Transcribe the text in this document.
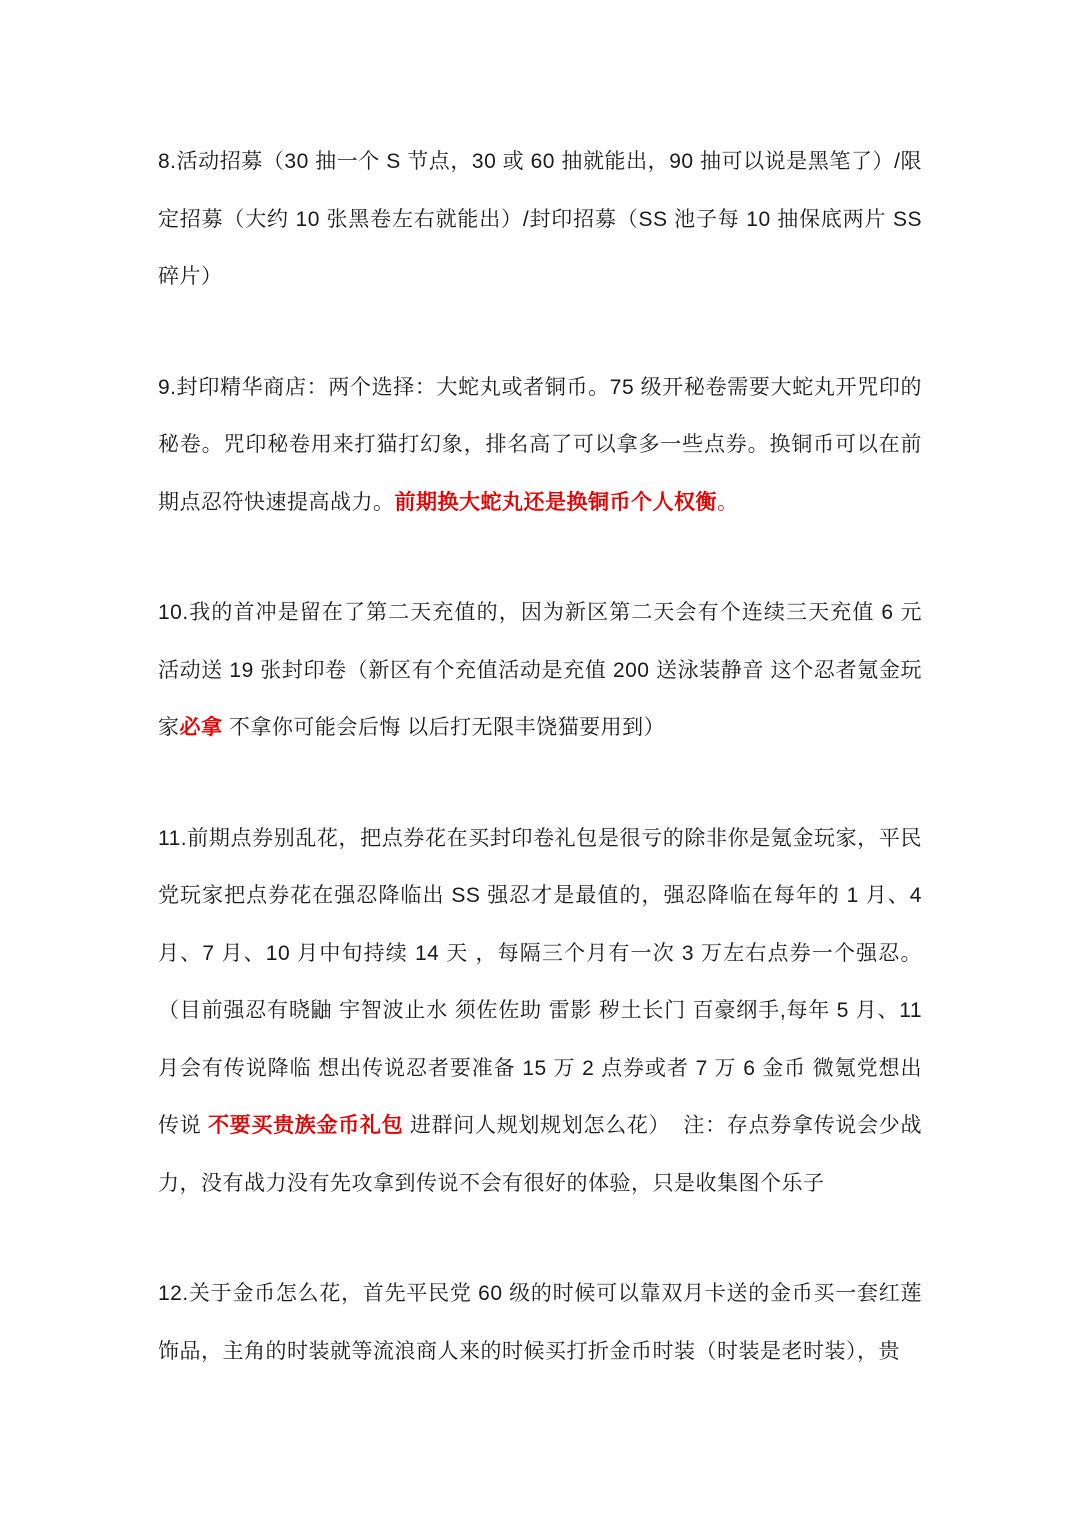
8.活动招募（30 抽一个 S 节点，30 或 60 抽就能出，90 抽可以说是黑笔了）/限定招募（大约 10 张黑卷左右就能出）/封印招募（SS 池子每 10 抽保底两片 SS 碎片）

9.封印精华商店：两个选择：大蛇丸或者铜币。75 级开秘卷需要大蛇丸开咒印的秘卷。咒印秘卷用来打猫打幻象，排名高了可以拿多一些点券。换铜币可以在前期点忍符快速提高战力。前期换大蛇丸还是换铜币个人权衡。

10.我的首冲是留在了第二天充值的，因为新区第二天会有个连续三天充值 6 元活动送 19 张封印卷（新区有个充值活动是充值 200 送泳装静音 这个忍者氪金玩家必拿 不拿你可能会后悔 以后打无限丰饶猫要用到）

11.前期点券别乱花，把点券花在买封印卷礼包是很亏的除非你是氪金玩家，平民党玩家把点券花在强忍降临出 SS 强忍才是最值的，强忍降临在每年的 1 月、4 月、7 月、10 月中旬持续 14 天 ，每隔三个月有一次 3 万左右点券一个强忍。（目前强忍有晓鼬 宇智波止水 须佐佐助 雷影 秽土长门 百豪纲手,每年 5 月、11 月会有传说降临 想出传说忍者要准备 15 万 2 点券或者 7 万 6 金币 微氪党想出传说 不要买贵族金币礼包 进群问人规划规划怎么花）  注：存点券拿传说会少战力，没有战力没有先攻拿到传说不会有很好的体验，只是收集图个乐子

12.关于金币怎么花，首先平民党 60 级的时候可以靠双月卡送的金币买一套红莲饰品，主角的时装就等流浪商人来的时候买打折金币时装（时装是老时装），贵
